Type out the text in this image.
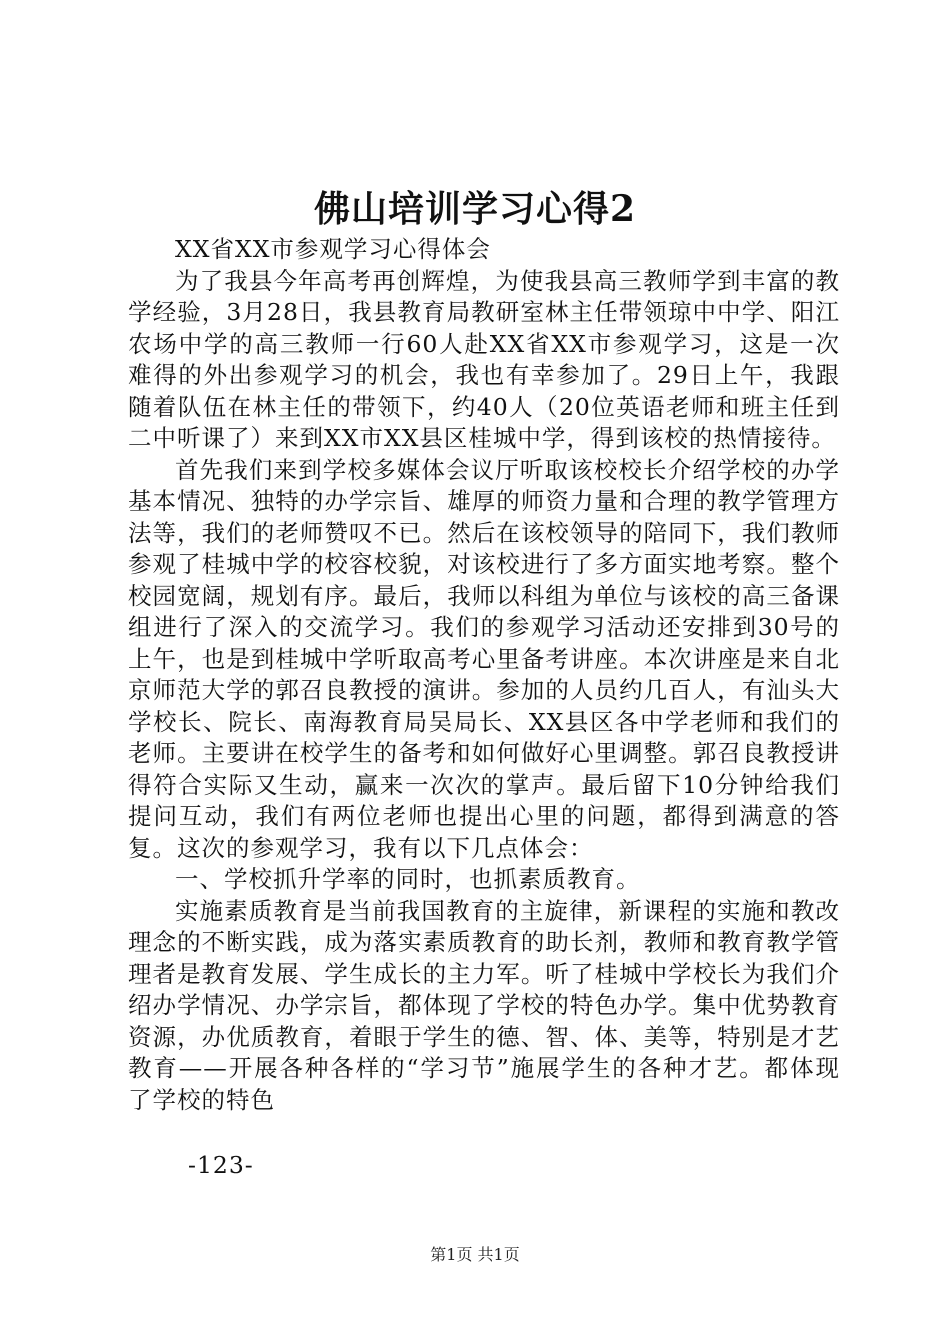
佛山培训学习心得2

XX省XX市参观学习心得体会

为了我县今年高考再创辉煌，为使我县高三教师学到丰富的教学经验，3月28日，我县教育局教研室林主任带领琼中中学、阳江农场中学的高三教师一行60人赴XX省XX市参观学习，这是一次难得的外出参观学习的机会，我也有幸参加了。29日上午，我跟随着队伍在林主任的带领下，约40人（20位英语老师和班主任到二中听课了）来到XX市XX县区桂城中学，得到该校的热情接待。

首先我们来到学校多媒体会议厅听取该校校长介绍学校的办学基本情况、独特的办学宗旨、雄厚的师资力量和合理的教学管理方法等，我们的老师赞叹不已。然后在该校领导的陪同下，我们教师参观了桂城中学的校容校貌，对该校进行了多方面实地考察。整个校园宽阔，规划有序。最后，我师以科组为单位与该校的高三备课组进行了深入的交流学习。我们的参观学习活动还安排到30号的上午，也是到桂城中学听取高考心里备考讲座。本次讲座是来自北京师范大学的郭召良教授的演讲。参加的人员约几百人，有汕头大学校长、院长、南海教育局吴局长、XX县区各中学老师和我们的老师。主要讲在校学生的备考和如何做好心里调整。郭召良教授讲得符合实际又生动，赢来一次次的掌声。最后留下10分钟给我们提问互动，我们有两位老师也提出心里的问题，都得到满意的答复。这次的参观学习，我有以下几点体会：

一、学校抓升学率的同时，也抓素质教育。

实施素质教育是当前我国教育的主旋律，新课程的实施和教改理念的不断实践，成为落实素质教育的助长剂，教师和教育教学管理者是教育发展、学生成长的主力军。听了桂城中学校长为我们介绍办学情况、办学宗旨，都体现了学校的特色办学。集中优势教育资源，办优质教育，着眼于学生的德、智、体、美等，特别是才艺教育——开展各种各样的“学习节”施展学生的各种才艺。都体现了学校的特色

-123-
第1页 共1页
